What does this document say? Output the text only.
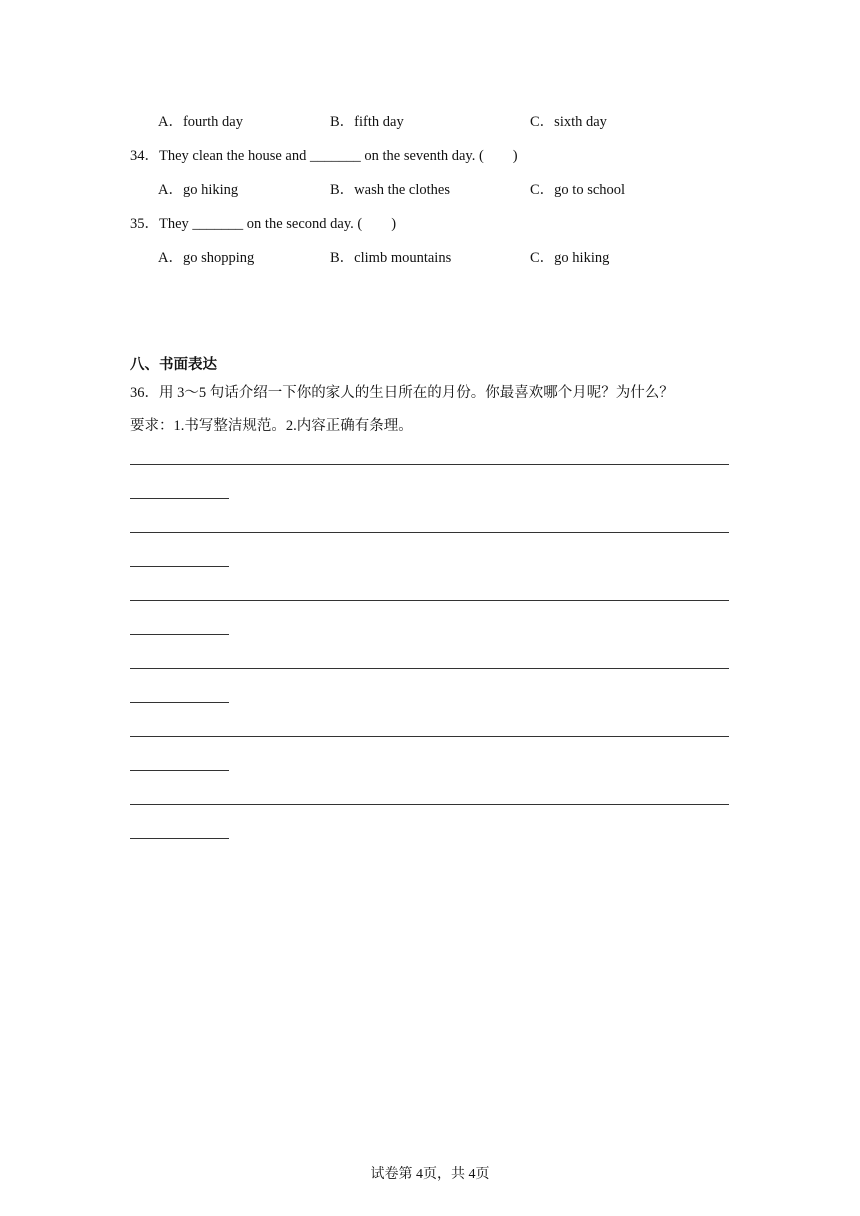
A．fourth day	B．fifth day	C．sixth day
34．They clean the house and _______ on the seventh day. (　　)
A．go hiking	B．wash the clothes	C．go to school
35．They _______ on the second day. (　　)
A．go shopping	B．climb mountains	C．go hiking
八、书面表达
36．用 3～5 句话介绍一下你的家人的生日所在的月份。你最喜欢哪个月呢？为什么？
要求：1.书写整洁规范。2.内容正确有条理。
试卷第 4页，共 4页
